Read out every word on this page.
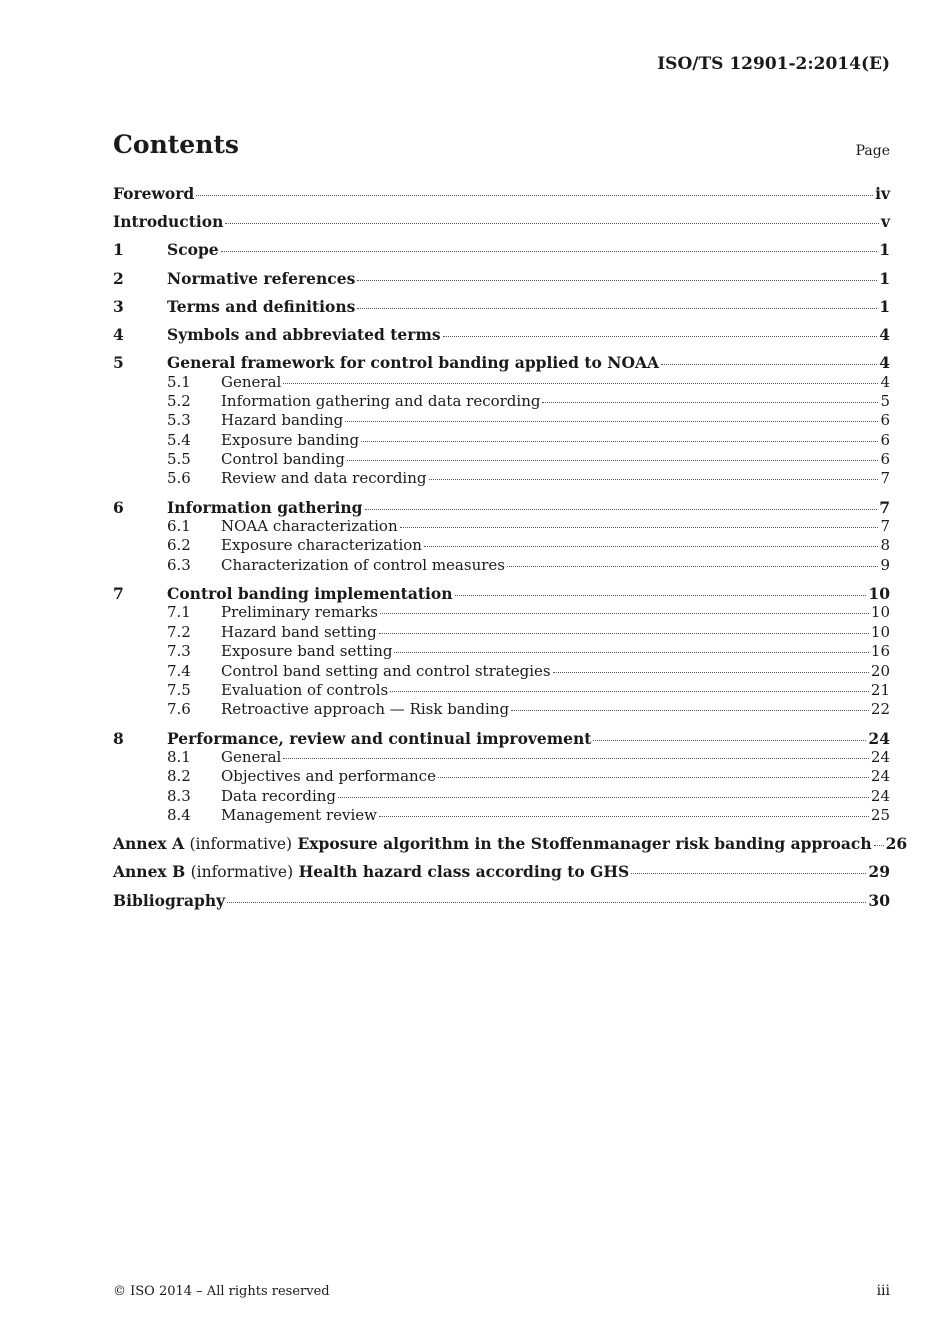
ISO/TS 12901-2:2014(E)
Contents	Page
Foreword	iv
Introduction	v
1	Scope	1
2	Normative references	1
3	Terms and definitions	1
4	Symbols and abbreviated terms	4
5	General framework for control banding applied to NOAA	4
5.1	General	4
5.2	Information gathering and data recording	5
5.3	Hazard banding	6
5.4	Exposure banding	6
5.5	Control banding	6
5.6	Review and data recording	7
6	Information gathering	7
6.1	NOAA characterization	7
6.2	Exposure characterization	8
6.3	Characterization of control measures	9
7	Control banding implementation	10
7.1	Preliminary remarks	10
7.2	Hazard band setting	10
7.3	Exposure band setting	16
7.4	Control band setting and control strategies	20
7.5	Evaluation of controls	21
7.6	Retroactive approach — Risk banding	22
8	Performance, review and continual improvement	24
8.1	General	24
8.2	Objectives and performance	24
8.3	Data recording	24
8.4	Management review	25
Annex A (informative) Exposure algorithm in the Stoffenmanager risk banding approach 26
Annex B (informative) Health hazard class according to GHS	29
Bibliography	30
© ISO 2014 – All rights reserved	iii
